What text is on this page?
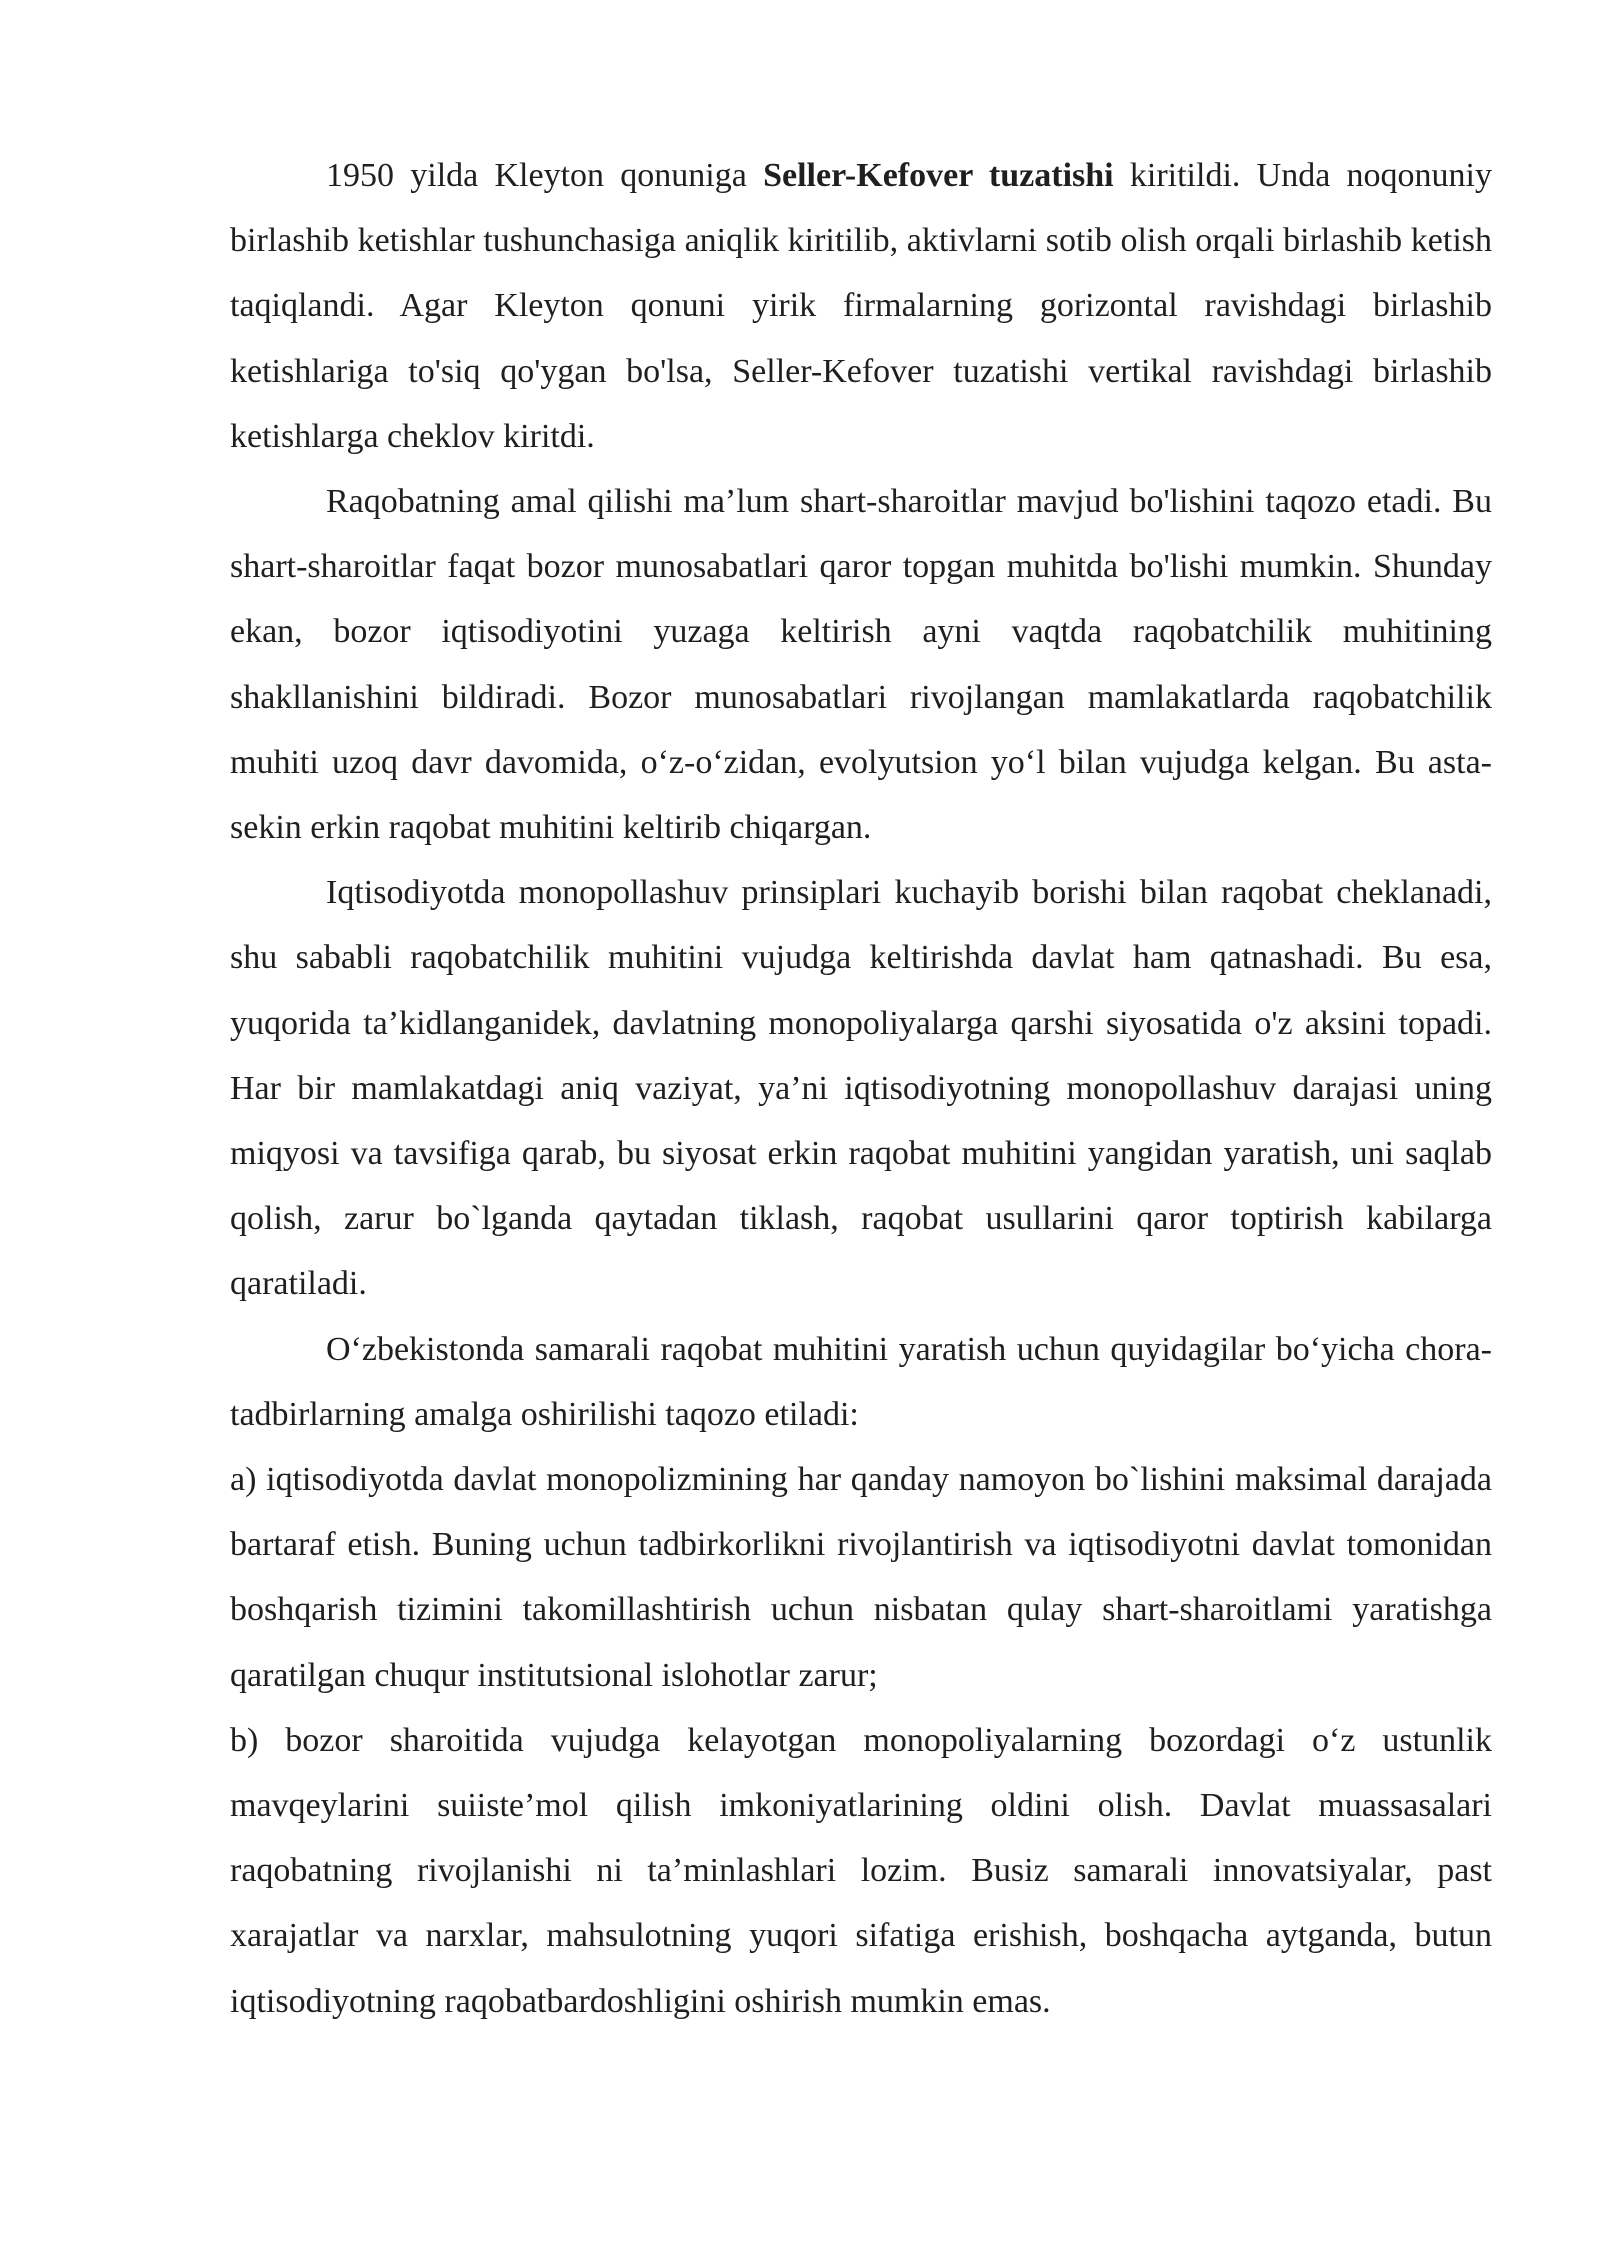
1950 yilda Kleyton qonuniga Seller-Kefover tuzatishi kiritildi. Unda noqonuniy birlashib ketishlar tushunchasiga aniqlik kiritilib, aktivlarni sotib olish orqali birlashib ketish taqiqlandi. Agar Kleyton qonuni yirik firmalarning gorizontal ravishdagi birlashib ketishlariga to'siq qo'ygan bo'lsa, Seller-Kefover tuzatishi vertikal ravishdagi birlashib ketishlarga cheklov kiritdi.

Raqobatning amal qilishi ma’lum shart-sharoitlar mavjud bo'lishini taqozo etadi. Bu shart-sharoitlar faqat bozor munosabatlari qaror topgan muhitda bo'lishi mumkin. Shunday ekan, bozor iqtisodiyotini yuzaga keltirish ayni vaqtda raqobatchilik muhitining shakllanishini bildiradi. Bozor munosabatlari rivojlangan mamlakatlarda raqobatchilik muhiti uzoq davr davomida, o‘z-o‘zidan, evolyutsion yo‘l bilan vujudga kelgan. Bu asta-sekin erkin raqobat muhitini keltirib chiqargan.

Iqtisodiyotda monopollashuv prinsiplari kuchayib borishi bilan raqobat cheklanadi, shu sababli raqobatchilik muhitini vujudga keltirishda davlat ham qatnashadi. Bu esa, yuqorida ta’kidlanganidek, davlatning monopoliyalarga qarshi siyosatida o'z aksini topadi. Har bir mamlakatdagi aniq vaziyat, ya’ni iqtisodiyotning monopollashuv darajasi uning miqyosi va tavsifiga qarab, bu siyosat erkin raqobat muhitini yangidan yaratish, uni saqlab qolish, zarur bo`lganda qaytadan tiklash, raqobat usullarini qaror toptirish kabilarga qaratiladi.

O‘zbekistonda samarali raqobat muhitini yaratish uchun quyidagilar bo‘yicha chora-tadbirlarning amalga oshirilishi taqozo etiladi:

a) iqtisodiyotda davlat monopolizmining har qanday namoyon bo`lishini maksimal darajada bartaraf etish. Buning uchun tadbirkorlikni rivojlantirish va iqtisodiyotni davlat tomonidan boshqarish tizimini takomillashtirish uchun nisbatan qulay shart-sharoitlami yaratishga qaratilgan chuqur institutsional islohotlar zarur;

b) bozor sharoitida vujudga kelayotgan monopoliyalarning bozordagi o‘z ustunlik mavqeylarini suiiste’mol qilish imkoniyatlarining oldini olish. Davlat muassasalari raqobatning rivojlanishi ni ta’minlashlari lozim. Busiz samarali innovatsiyalar, past xarajatlar va narxlar, mahsulotning yuqori sifatiga erishish, boshqacha aytganda, butun iqtisodiyotning raqobatbardoshligini oshirish mumkin emas.
